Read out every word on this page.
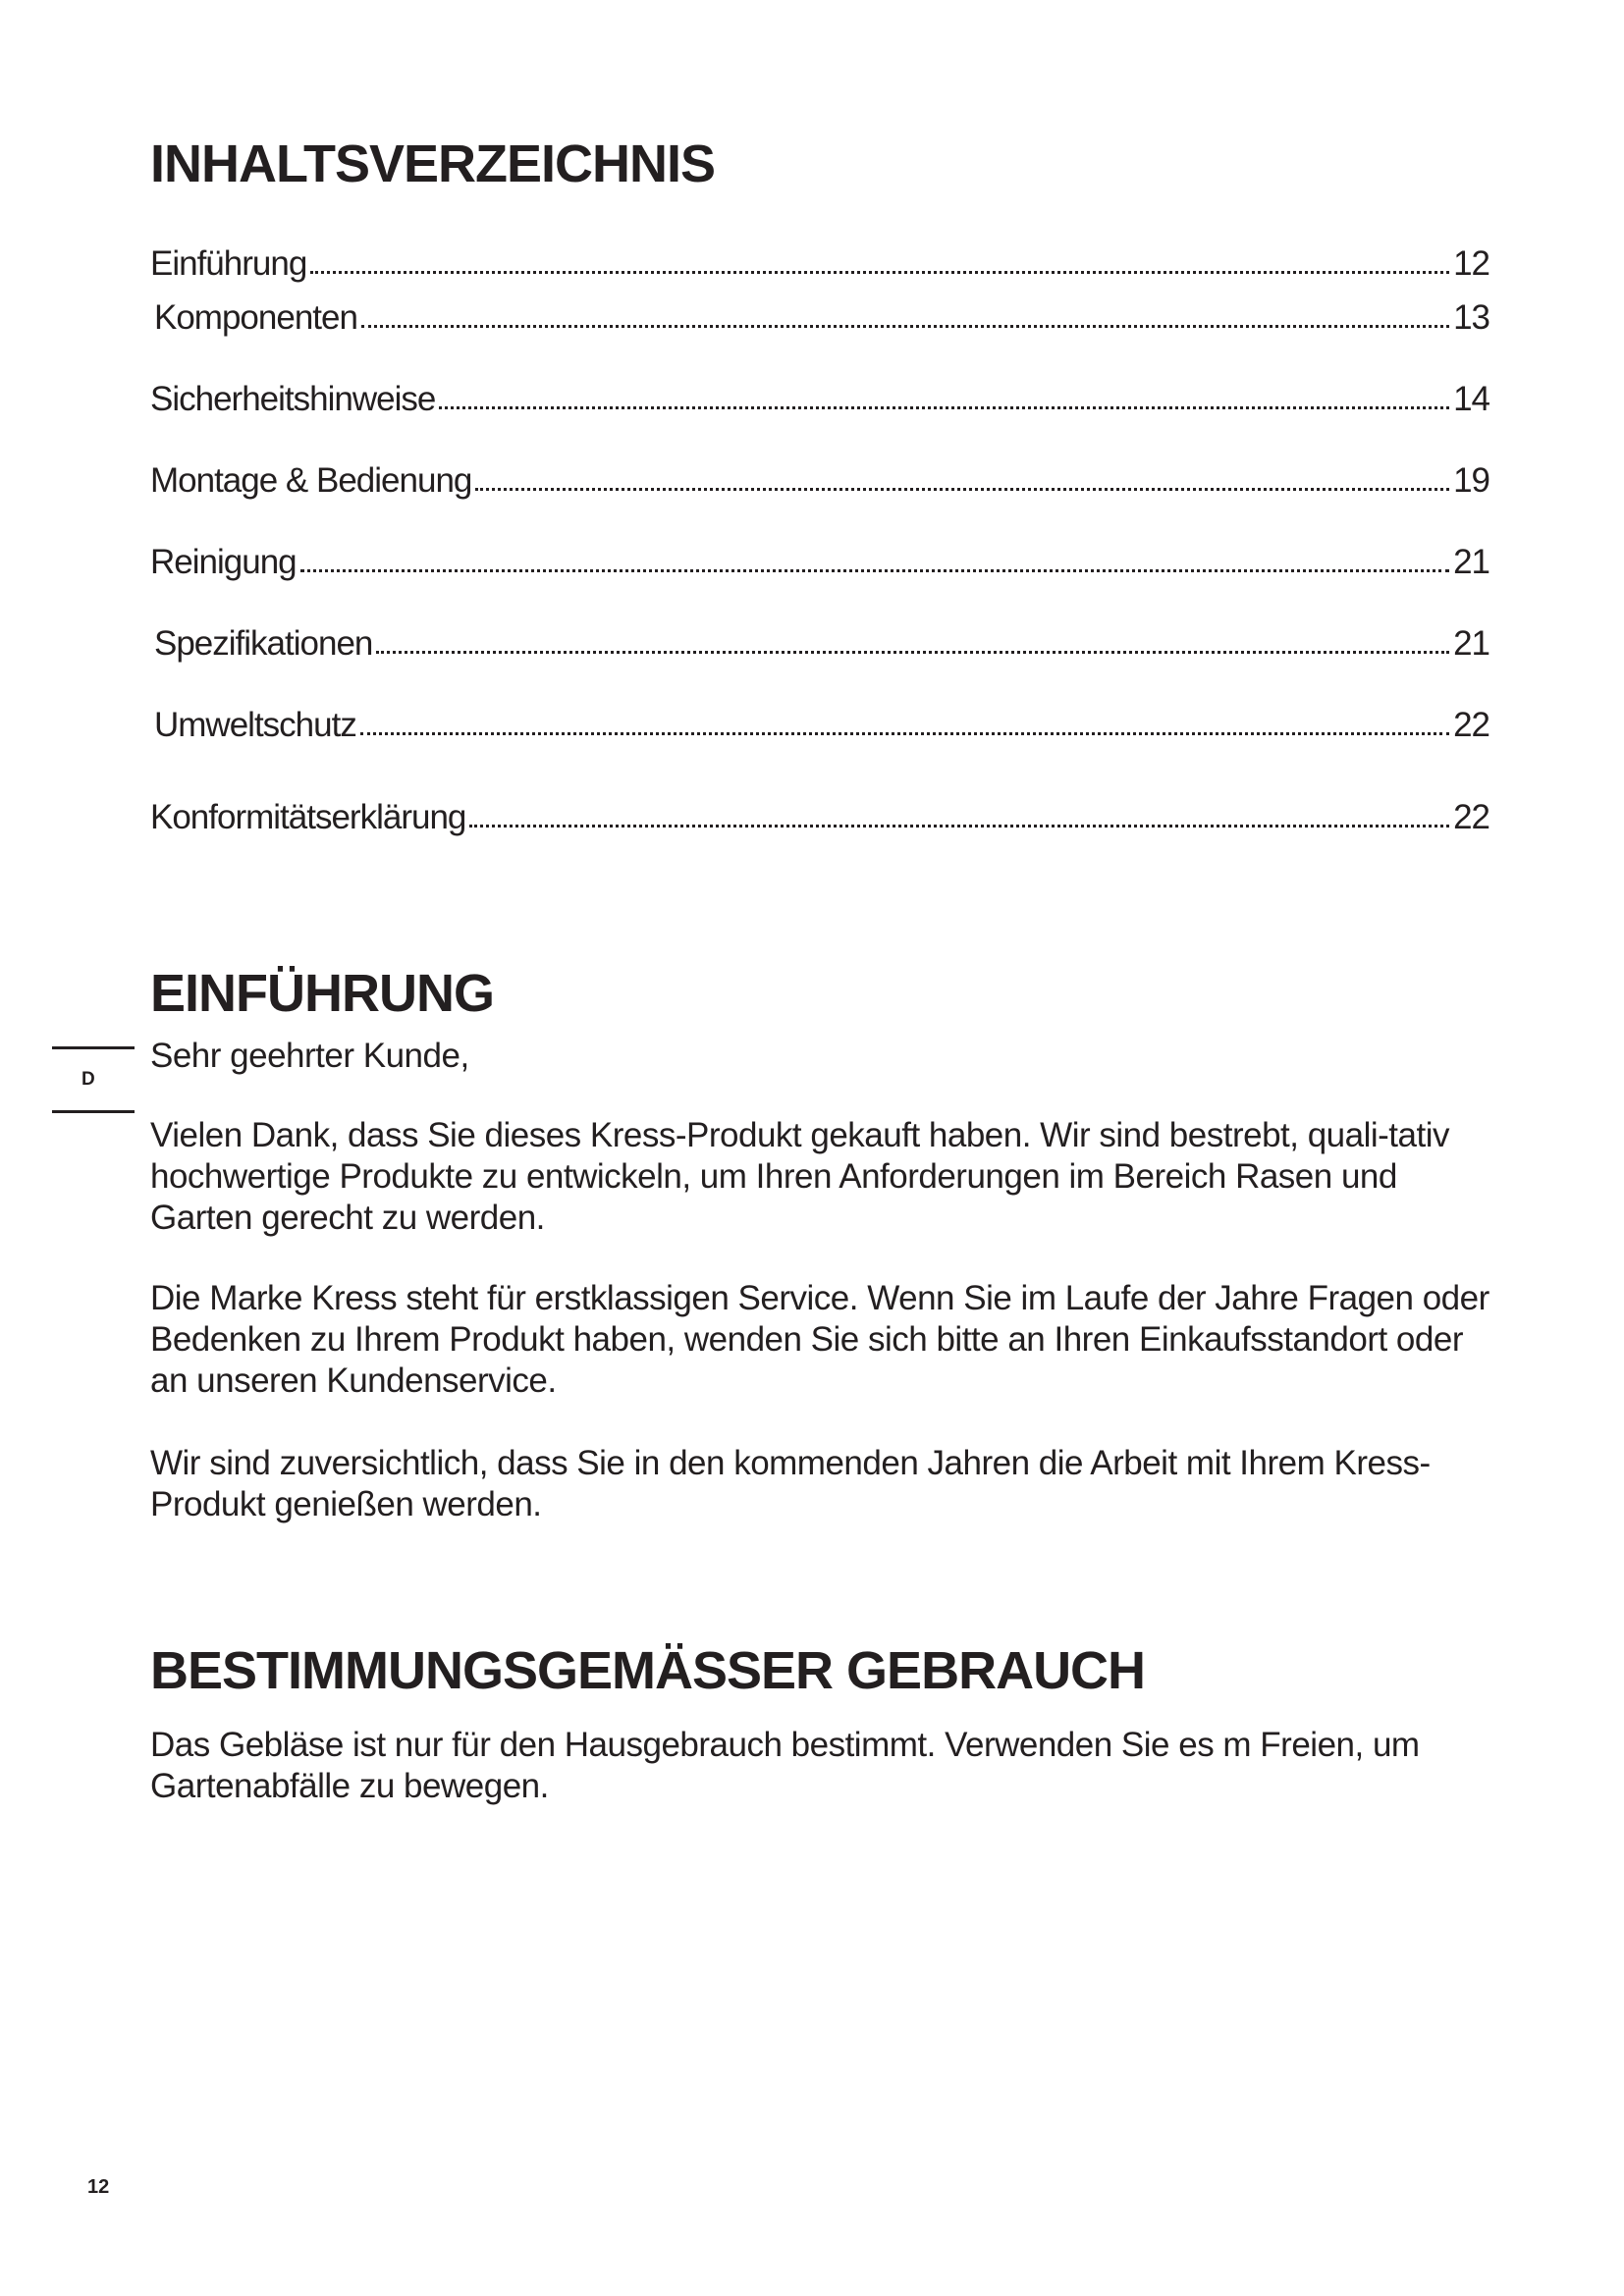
INHALTSVERZEICHNIS
Einführung	12
Komponenten	13
Sicherheitshinweise	14
Montage & Bedienung	19
Reinigung	21
Spezifikationen	21
Umweltschutz	22
Konformitätserklärung	22
EINFÜHRUNG
D

Sehr geehrter Kunde,

Vielen Dank, dass Sie dieses Kress-Produkt gekauft haben. Wir sind bestrebt, quali-tativ hochwertige Produkte zu entwickeln, um Ihren Anforderungen im Bereich Rasen und Garten gerecht zu werden.

Die Marke Kress steht für erstklassigen Service. Wenn Sie im Laufe der Jahre Fragen oder Bedenken zu Ihrem Produkt haben, wenden Sie sich bitte an Ihren Einkaufsstandort oder an unseren Kundenservice.

Wir sind zuversichtlich, dass Sie in den kommenden Jahren die Arbeit mit Ihrem Kress-Produkt genießen werden.

BESTIMMUNGSGEMÄSSER GEBRAUCH

Das Gebläse ist nur für den Hausgebrauch bestimmt. Verwenden Sie es m Freien, um Gartenabfälle zu bewegen.

12
